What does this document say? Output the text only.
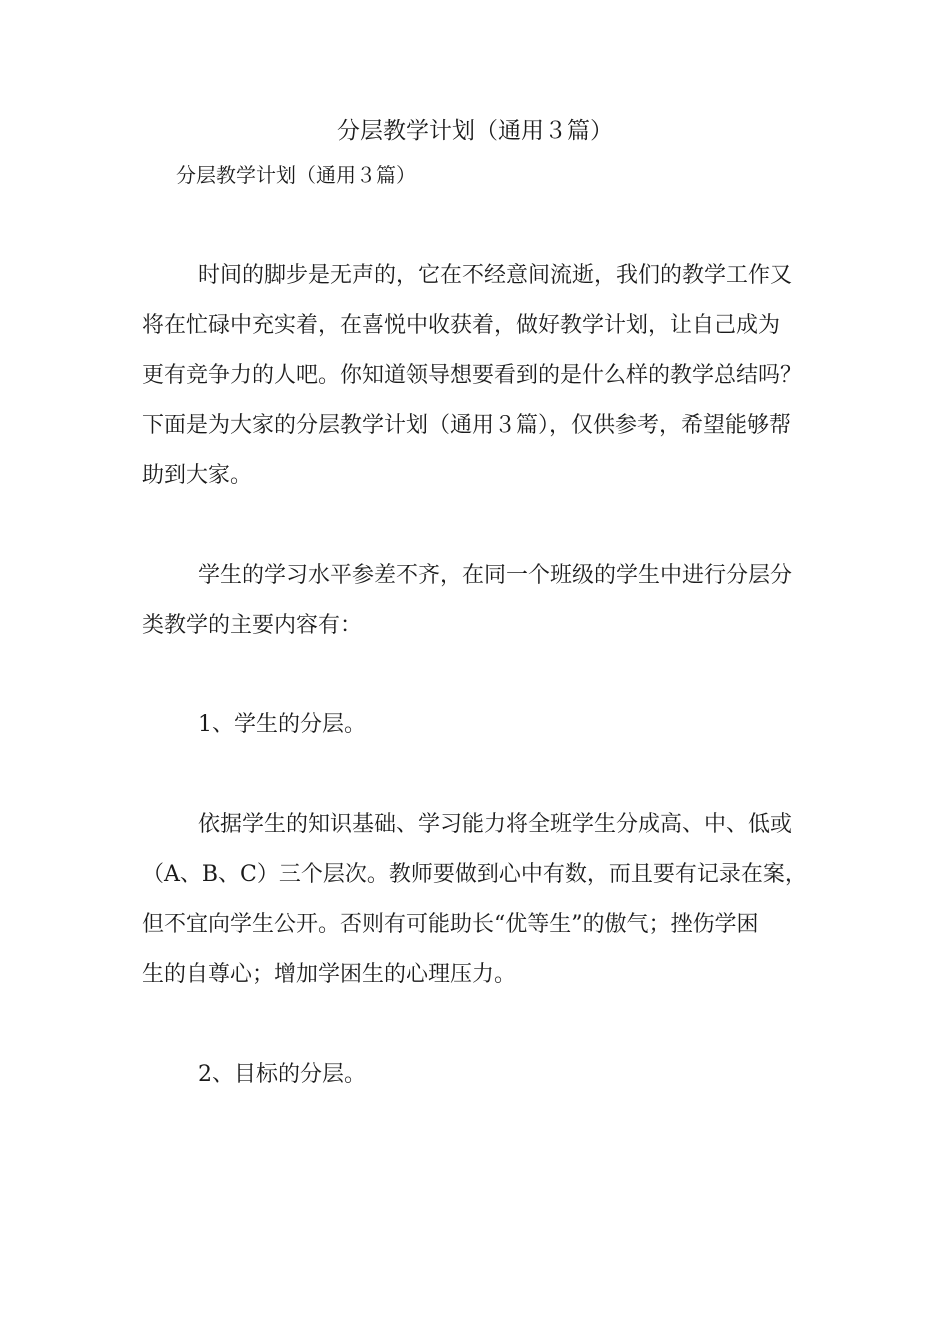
分层教学计划（通用３篇）
分层教学计划（通用３篇）

时间的脚步是无声的，它在不经意间流逝，我们的教学工作又
将在忙碌中充实着，在喜悦中收获着，做好教学计划，让自己成为
更有竞争力的人吧。你知道领导想要看到的是什么样的教学总结吗？
下面是为大家的分层教学计划（通用３篇），仅供参考，希望能够帮
助到大家。

学生的学习水平参差不齐，在同一个班级的学生中进行分层分
类教学的主要内容有：

1、学生的分层。

依据学生的知识基础、学习能力将全班学生分成高、中、低或
（A、B、C）三个层次。教师要做到心中有数，而且要有记录在案，
但不宜向学生公开。否则有可能助长“优等生”的傲气；挫伤学困
生的自尊心；增加学困生的心理压力。

2、目标的分层。
